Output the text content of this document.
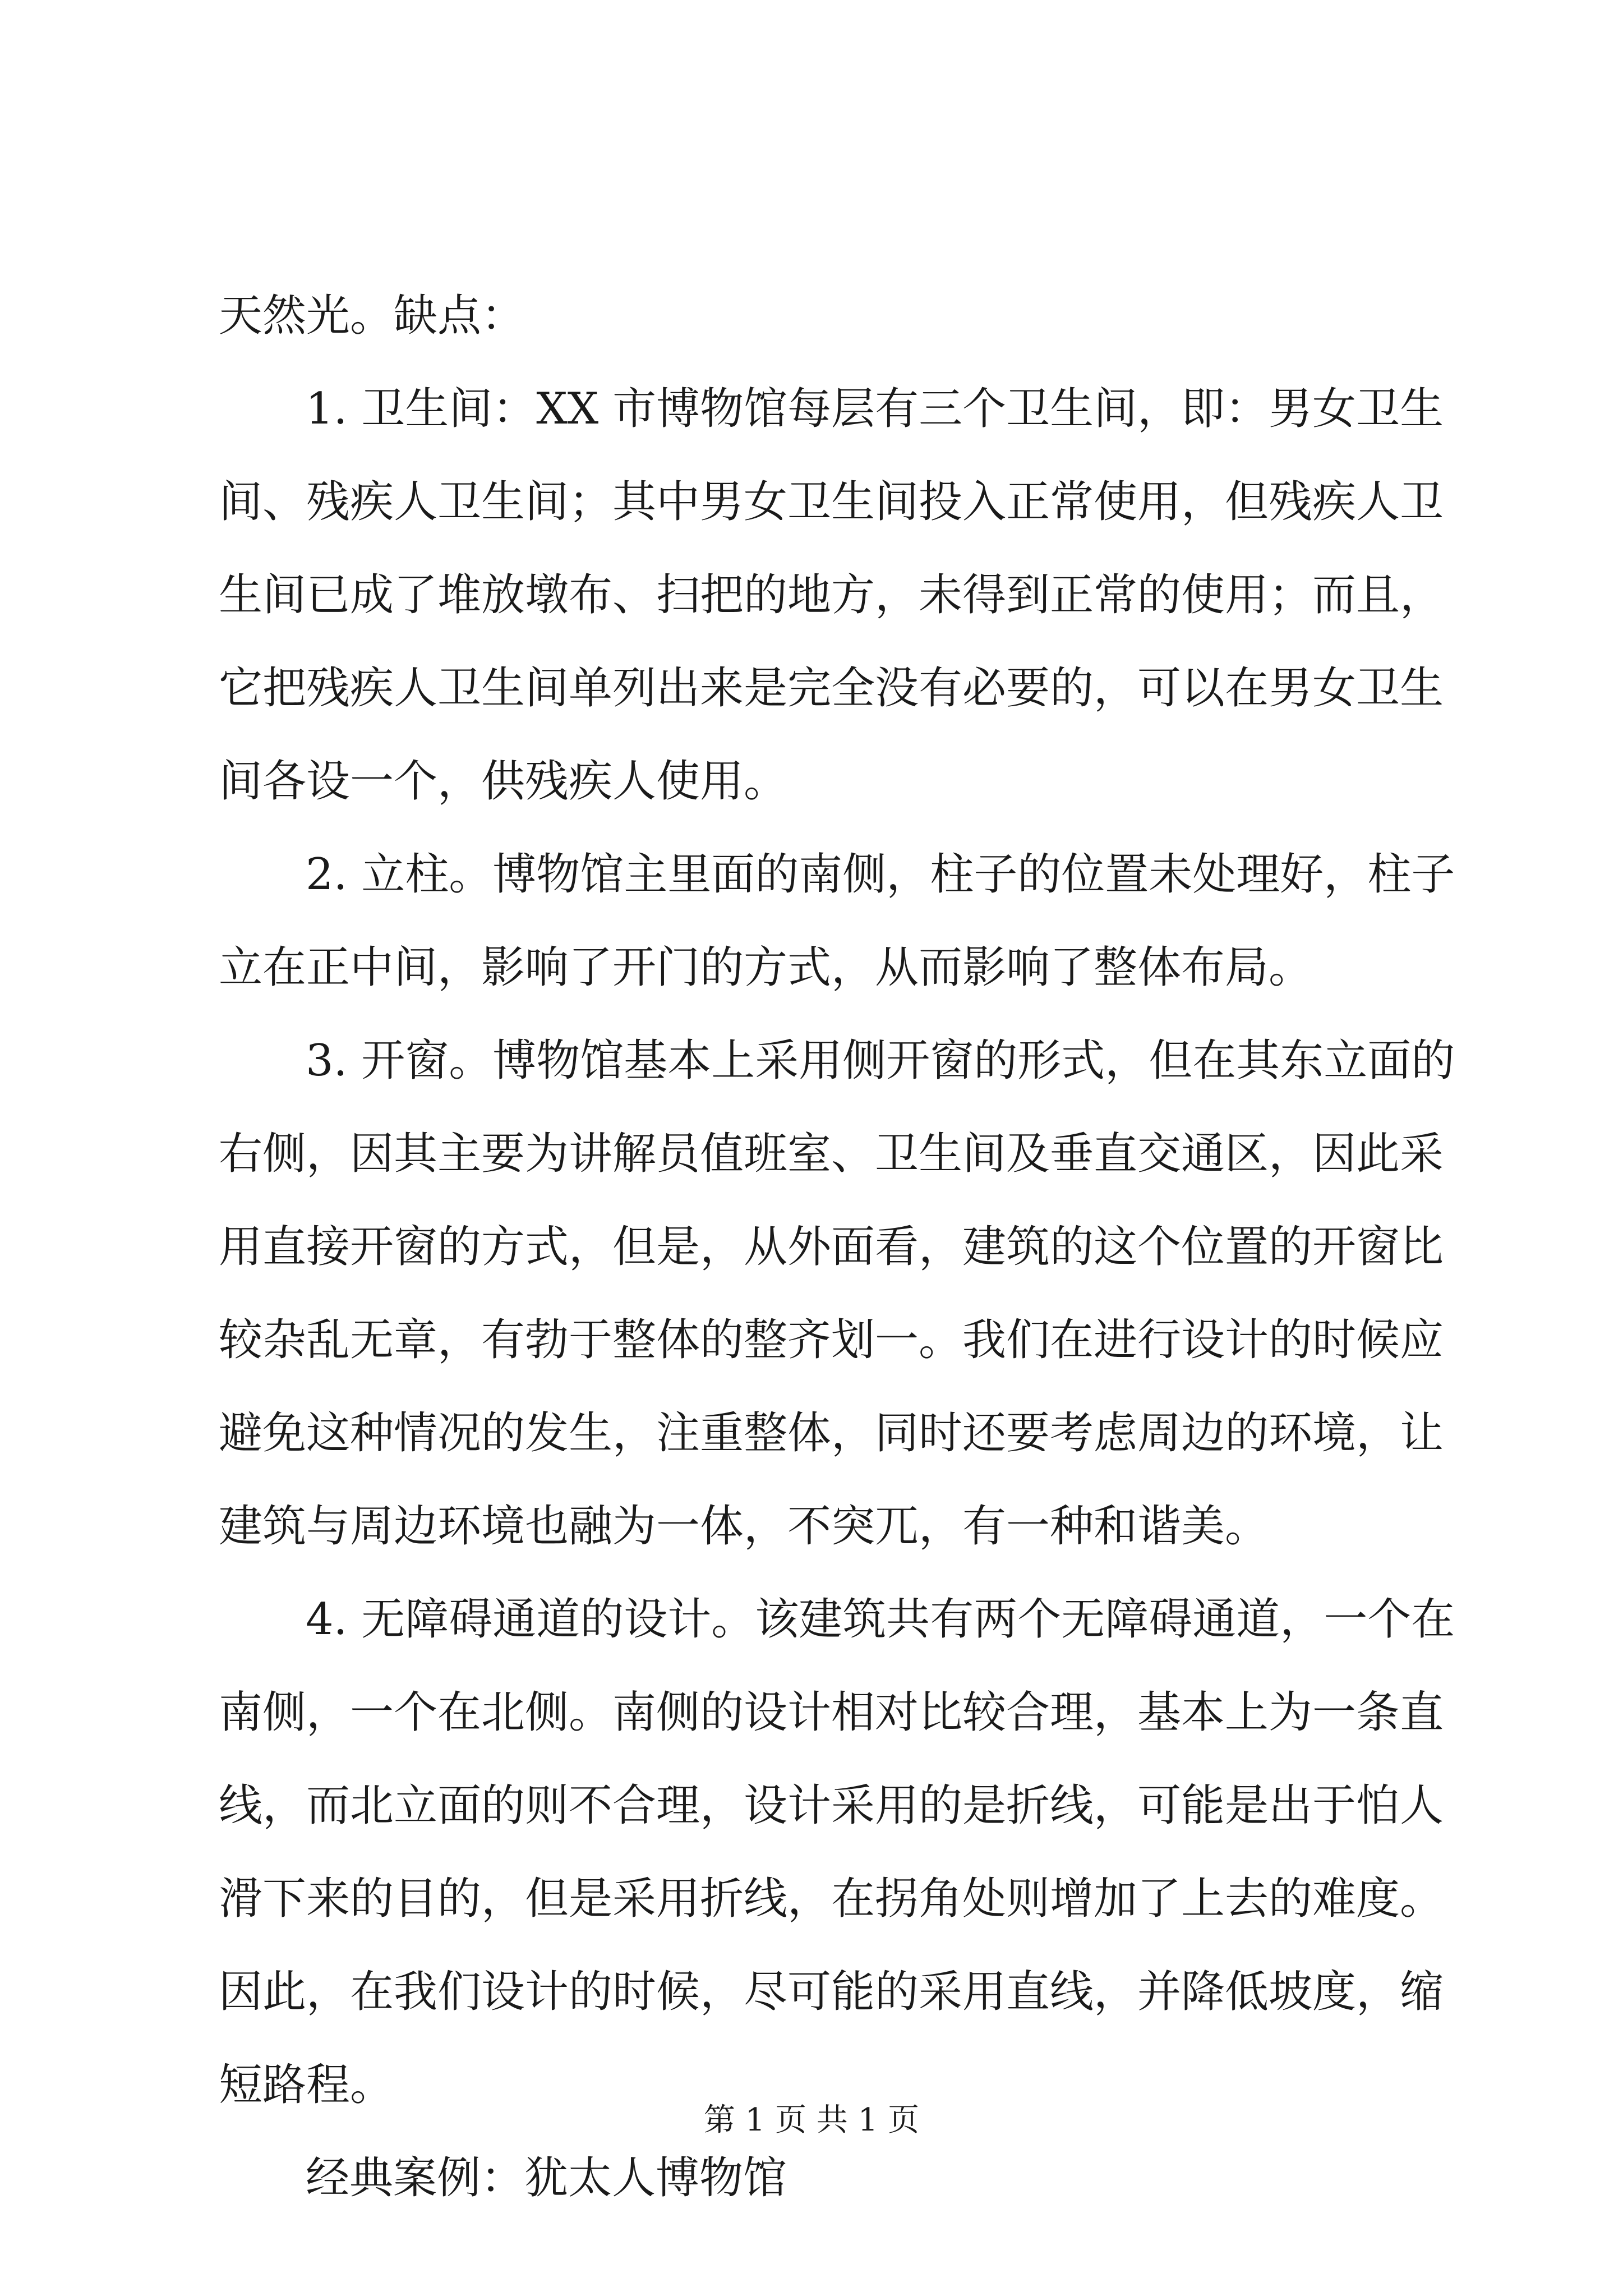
天然光。缺点：
1. 卫生间：XX 市博物馆每层有三个卫生间，即：男女卫生
间、残疾人卫生间；其中男女卫生间投入正常使用，但残疾人卫
生间已成了堆放墩布、扫把的地方，未得到正常的使用；而且，
它把残疾人卫生间单列出来是完全没有必要的，可以在男女卫生
间各设一个，供残疾人使用。
2. 立柱。博物馆主里面的南侧，柱子的位置未处理好，柱子
立在正中间，影响了开门的方式，从而影响了整体布局。
3. 开窗。博物馆基本上采用侧开窗的形式，但在其东立面的
右侧，因其主要为讲解员值班室、卫生间及垂直交通区，因此采
用直接开窗的方式，但是，从外面看，建筑的这个位置的开窗比
较杂乱无章，有勃于整体的整齐划一。我们在进行设计的时候应
避免这种情况的发生，注重整体，同时还要考虑周边的环境，让
建筑与周边环境也融为一体，不突兀，有一种和谐美。
4. 无障碍通道的设计。该建筑共有两个无障碍通道，一个在
南侧，一个在北侧。南侧的设计相对比较合理，基本上为一条直
线，而北立面的则不合理，设计采用的是折线，可能是出于怕人
滑下来的目的，但是采用折线，在拐角处则增加了上去的难度。
因此，在我们设计的时候，尽可能的采用直线，并降低坡度，缩
短路程。
经典案例：犹太人博物馆
第 1 页 共 1 页
